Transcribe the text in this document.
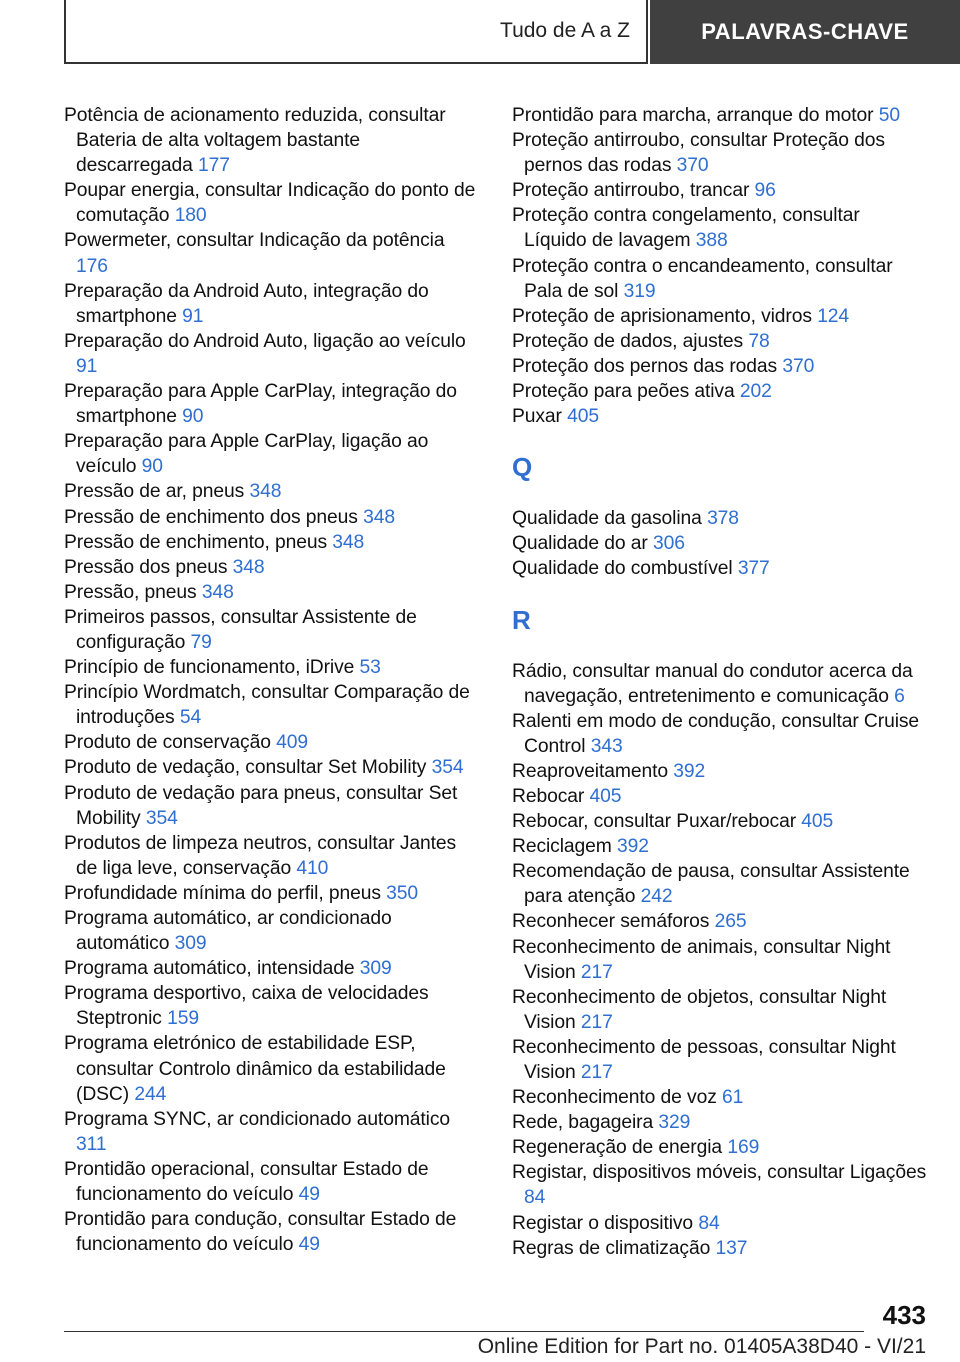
Tudo de A a Z	PALAVRAS-CHAVE
Potência de acionamento reduzida, consultar Bateria de alta voltagem bastante descarregada 177
Poupar energia, consultar Indicação do ponto de comutação 180
Powermeter, consultar Indicação da potência 176
Preparação da Android Auto, integração do smartphone 91
Preparação do Android Auto, ligação ao veículo 91
Preparação para Apple CarPlay, integração do smartphone 90
Preparação para Apple CarPlay, ligação ao veículo 90
Pressão de ar, pneus 348
Pressão de enchimento dos pneus 348
Pressão de enchimento, pneus 348
Pressão dos pneus 348
Pressão, pneus 348
Primeiros passos, consultar Assistente de configuração 79
Princípio de funcionamento, iDrive 53
Princípio Wordmatch, consultar Comparação de introduções 54
Produto de conservação 409
Produto de vedação, consultar Set Mobility 354
Produto de vedação para pneus, consultar Set Mobility 354
Produtos de limpeza neutros, consultar Jantes de liga leve, conservação 410
Profundidade mínima do perfil, pneus 350
Programa automático, ar condicionado automático 309
Programa automático, intensidade 309
Programa desportivo, caixa de velocidades Steptronic 159
Programa eletrónico de estabilidade ESP, consultar Controlo dinâmico da estabilidade (DSC) 244
Programa SYNC, ar condicionado automático 311
Prontidão operacional, consultar Estado de funcionamento do veículo 49
Prontidão para condução, consultar Estado de funcionamento do veículo 49
Prontidão para marcha, arranque do motor 50
Proteção antirroubo, consultar Proteção dos pernos das rodas 370
Proteção antirroubo, trancar 96
Proteção contra congelamento, consultar Líquido de lavagem 388
Proteção contra o encandeamento, consultar Pala de sol 319
Proteção de aprisionamento, vidros 124
Proteção de dados, ajustes 78
Proteção dos pernos das rodas 370
Proteção para peões ativa 202
Puxar 405
Q
Qualidade da gasolina 378
Qualidade do ar 306
Qualidade do combustível 377
R
Rádio, consultar manual do condutor acerca da navegação, entretenimento e comunicação 6
Ralenti em modo de condução, consultar Cruise Control 343
Reaproveitamento 392
Rebocar 405
Rebocar, consultar Puxar/rebocar 405
Reciclagem 392
Recomendação de pausa, consultar Assistente para atenção 242
Reconhecer semáforos 265
Reconhecimento de animais, consultar Night Vision 217
Reconhecimento de objetos, consultar Night Vision 217
Reconhecimento de pessoas, consultar Night Vision 217
Reconhecimento de voz 61
Rede, bagageira 329
Regeneração de energia 169
Registar, dispositivos móveis, consultar Ligações 84
Registar o dispositivo 84
Regras de climatização 137
433
Online Edition for Part no. 01405A38D40 - VI/21
